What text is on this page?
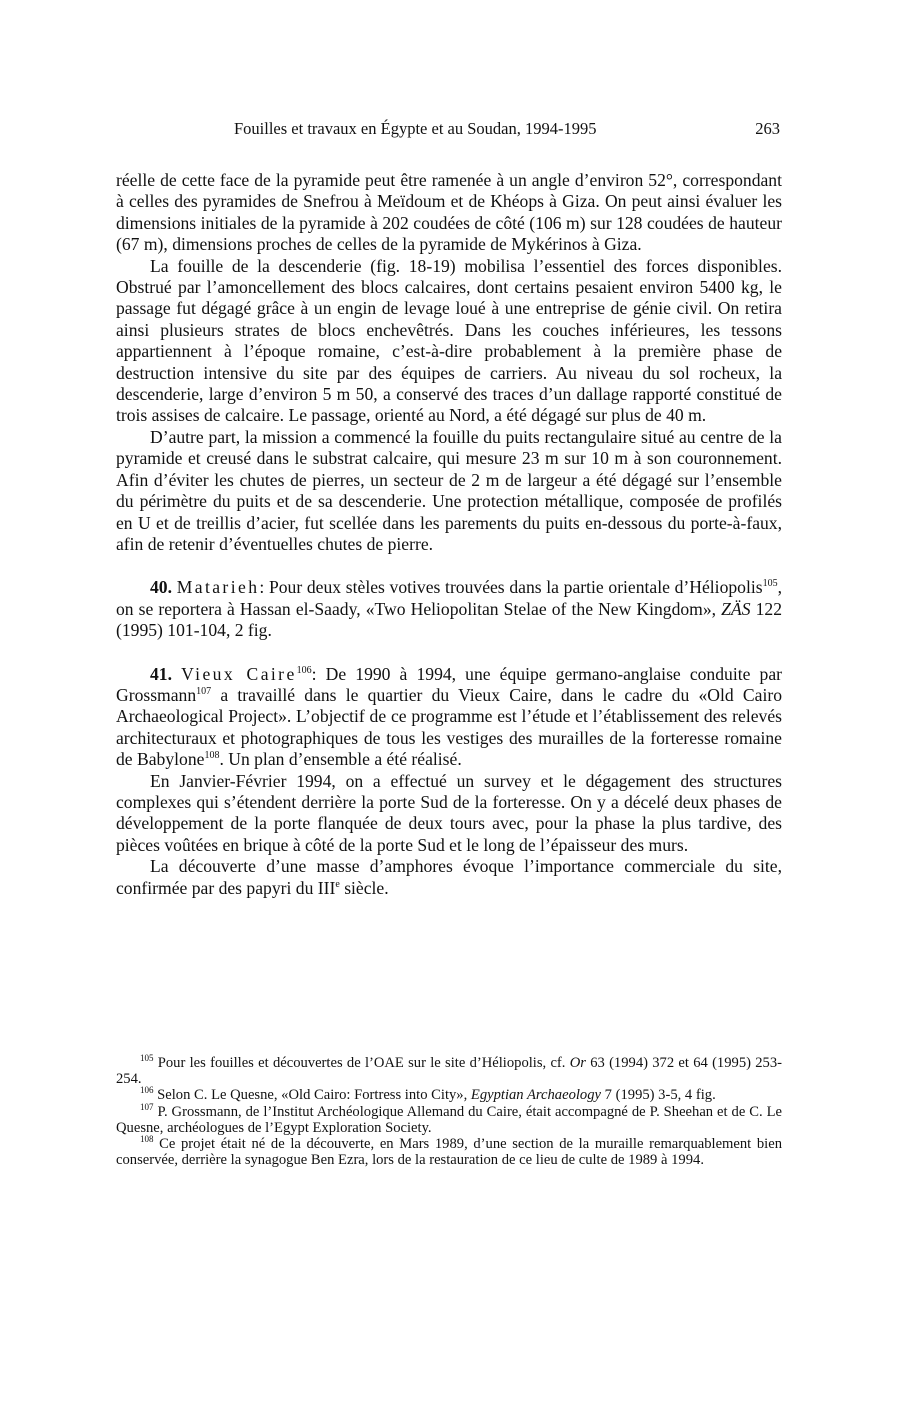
Fouilles et travaux en Égypte et au Soudan, 1994-1995	263

réelle de cette face de la pyramide peut être ramenée à un angle d’environ 52°, correspondant à celles des pyramides de Snefrou à Meïdoum et de Khéops à Giza. On peut ainsi évaluer les dimensions initiales de la pyramide à 202 coudées de côté (106 m) sur 128 coudées de hauteur (67 m), dimensions proches de celles de la pyramide de Mykérinos à Giza.

La fouille de la descenderie (fig. 18-19) mobilisa l’essentiel des forces disponibles. Obstrué par l’amoncellement des blocs calcaires, dont certains pesaient environ 5400 kg, le passage fut dégagé grâce à un engin de levage loué à une entreprise de génie civil. On retira ainsi plusieurs strates de blocs enchevêtrés. Dans les couches inférieures, les tessons appartiennent à l’époque romaine, c’est-à-dire probablement à la première phase de destruction intensive du site par des équipes de carriers. Au niveau du sol rocheux, la descenderie, large d’environ 5 m 50, a conservé des traces d’un dallage rapporté constitué de trois assises de calcaire. Le passage, orienté au Nord, a été dégagé sur plus de 40 m.

D’autre part, la mission a commencé la fouille du puits rectangulaire situé au centre de la pyramide et creusé dans le substrat calcaire, qui mesure 23 m sur 10 m à son couronnement. Afin d’éviter les chutes de pierres, un secteur de 2 m de largeur a été dégagé sur l’ensemble du périmètre du puits et de sa descenderie. Une protection métallique, composée de profilés en U et de treillis d’acier, fut scellée dans les parements du puits en-dessous du porte-à-faux, afin de retenir d’éventuelles chutes de pierre.

40. Matarieh: Pour deux stèles votives trouvées dans la partie orientale d’Héliopolis$^{105}$, on se reportera à Hassan el-Saady, «Two Heliopolitan Stelae of the New Kingdom», ZÄS 122 (1995) 101-104, 2 fig.

41. Vieux Caire$^{106}$: De 1990 à 1994, une équipe germano-anglaise conduite par Grossmann$^{107}$ a travaillé dans le quartier du Vieux Caire, dans le cadre du «Old Cairo Archaeological Project». L’objectif de ce programme est l’étude et l’établissement des relevés architecturaux et photographiques de tous les vestiges des murailles de la forteresse romaine de Babylone$^{108}$. Un plan d’ensemble a été réalisé.

En Janvier-Février 1994, on a effectué un survey et le dégagement des structures complexes qui s’étendent derrière la porte Sud de la forteresse. On y a décelé deux phases de développement de la porte flanquée de deux tours avec, pour la phase la plus tardive, des pièces voûtées en brique à côté de la porte Sud et le long de l’épaisseur des murs.

La découverte d’une masse d’amphores évoque l’importance commerciale du site, confirmée par des papyri du IIIe siècle.

$^{105}$ Pour les fouilles et découvertes de l’OAE sur le site d’Héliopolis, cf. Or 63 (1994) 372 et 64 (1995) 253-254.

$^{106}$ Selon C. Le Quesne, «Old Cairo: Fortress into City», Egyptian Archaeology 7 (1995) 3-5, 4 fig.

$^{107}$ P. Grossmann, de l’Institut Archéologique Allemand du Caire, était accompagné de P. Sheehan et de C. Le Quesne, archéologues de l’Egypt Exploration Society.

$^{108}$ Ce projet était né de la découverte, en Mars 1989, d’une section de la muraille remarquablement bien conservée, derrière la synagogue Ben Ezra, lors de la restauration de ce lieu de culte de 1989 à 1994.
